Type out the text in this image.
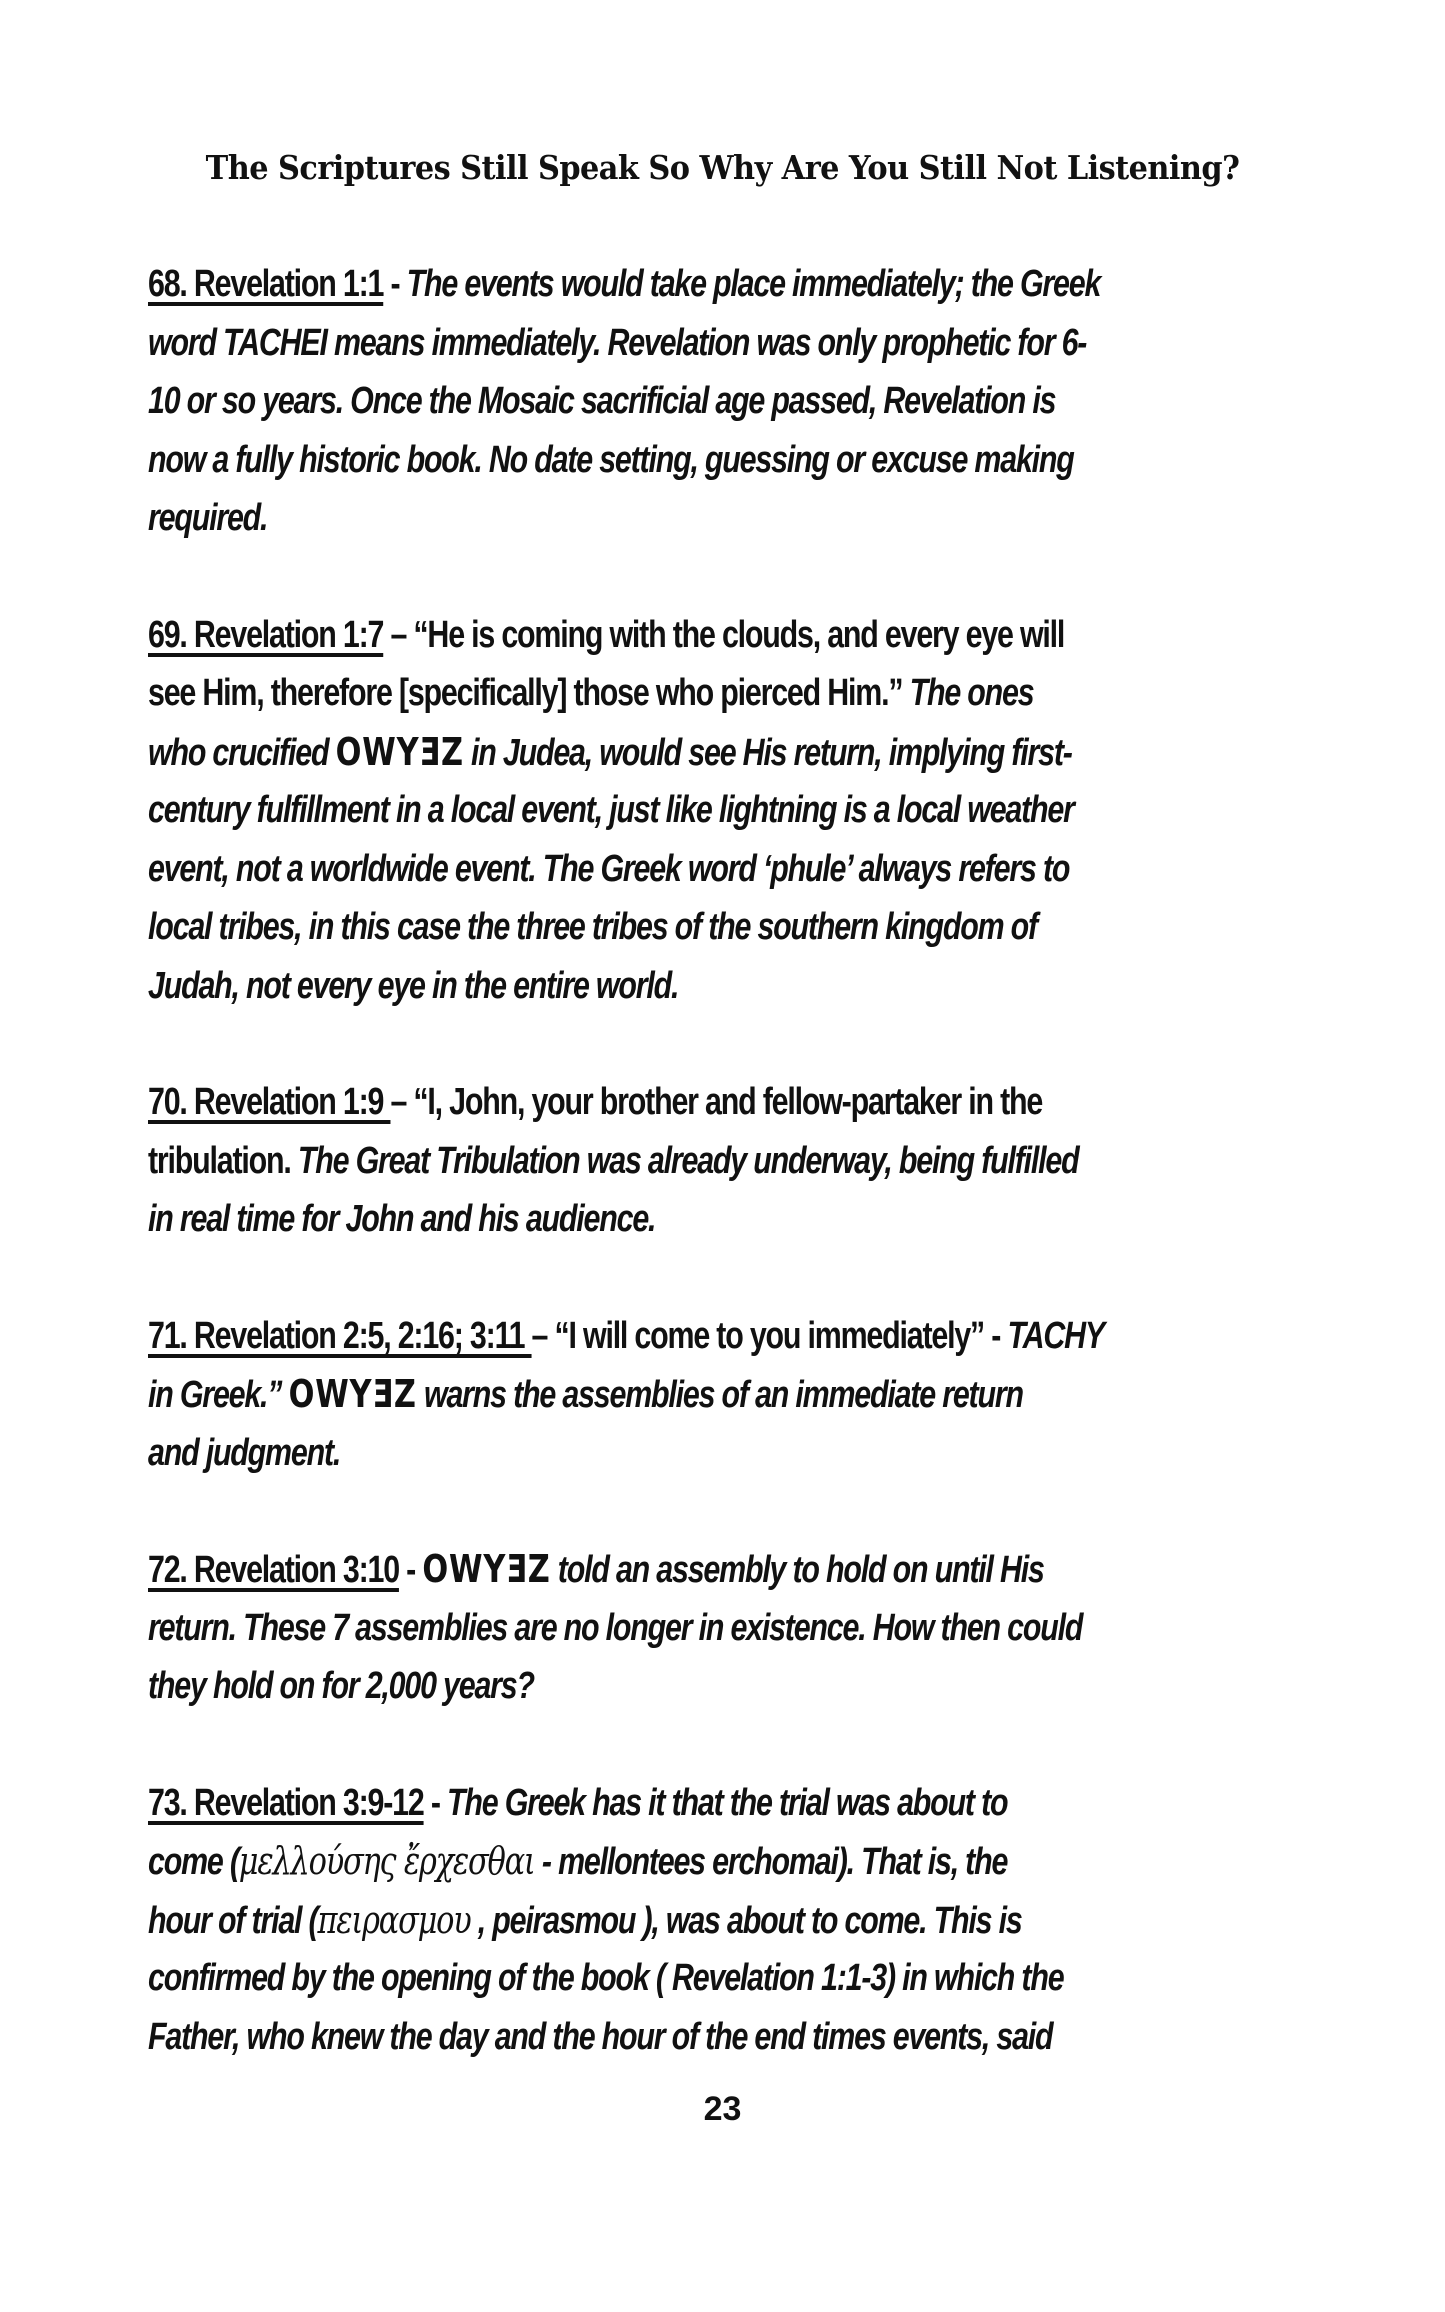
The Scriptures Still Speak So Why Are You Still Not Listening?
68. Revelation 1:1 - The events would take place immediately; the Greek
word TACHEI means immediately. Revelation was only prophetic for 6-
10 or so years. Once the Mosaic sacrificial age passed, Revelation is
now a fully historic book. No date setting, guessing or excuse making
required.
69. Revelation 1:7 – “He is coming with the clouds, and every eye will
see Him, therefore [specifically] those who pierced Him.” The ones
who crucified OWYƎZ in Judea, would see His return, implying first-
century fulfillment in a local event, just like lightning is a local weather
event, not a worldwide event. The Greek word ‘phule’ always refers to
local tribes, in this case the three tribes of the southern kingdom of
Judah, not every eye in the entire world.
70. Revelation 1:9 – “I, John, your brother and fellow-partaker in the
tribulation. The Great Tribulation was already underway, being fulfilled
in real time for John and his audience.
71. Revelation 2:5, 2:16; 3:11 – “I will come to you immediately” - TACHY
in Greek.” OWYƎZ warns the assemblies of an immediate return
and judgment.
72. Revelation 3:10 - OWYƎZ told an assembly to hold on until His
return. These 7 assemblies are no longer in existence. How then could
they hold on for 2,000 years?
73. Revelation 3:9-12 - The Greek has it that the trial was about to
come (μελλούσης ἔρχεσθαι - mellontees erchomai). That is, the
hour of trial (πειρασμου , peirasmou ), was about to come. This is
confirmed by the opening of the book ( Revelation 1:1-3) in which the
Father, who knew the day and the hour of the end times events, said
23
